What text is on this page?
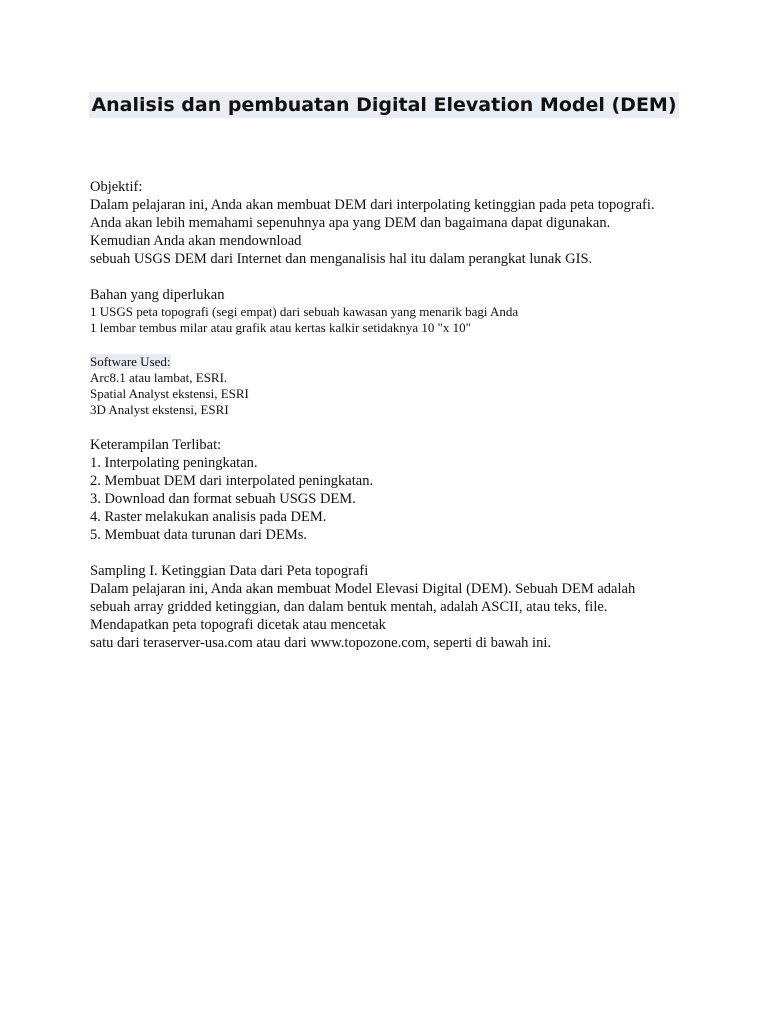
Analisis dan pembuatan Digital Elevation Model (DEM)
Objektif:
Dalam pelajaran ini, Anda akan membuat DEM dari interpolating ketinggian pada peta topografi.
Anda akan lebih memahami sepenuhnya apa yang DEM dan bagaimana dapat digunakan.
Kemudian Anda akan mendownload
sebuah USGS DEM dari Internet dan menganalisis hal itu dalam perangkat lunak GIS.
Bahan yang diperlukan
1 USGS peta topografi (segi empat) dari sebuah kawasan yang menarik bagi Anda
1 lembar tembus milar atau grafik atau kertas kalkir setidaknya 10 "x 10"
Software Used:
Arc8.1 atau lambat, ESRI.
Spatial Analyst ekstensi, ESRI
3D Analyst ekstensi, ESRI
Keterampilan Terlibat:
1. Interpolating peningkatan.
2. Membuat DEM dari interpolated peningkatan.
3. Download dan format sebuah USGS DEM.
4. Raster melakukan analisis pada DEM.
5. Membuat data turunan dari DEMs.
Sampling I. Ketinggian Data dari Peta topografi
Dalam pelajaran ini, Anda akan membuat Model Elevasi Digital (DEM). Sebuah DEM adalah
sebuah array gridded ketinggian, dan dalam bentuk mentah, adalah ASCII, atau teks, file.
Mendapatkan peta topografi dicetak atau mencetak
satu dari teraserver-usa.com atau dari www.topozone.com, seperti di bawah ini.
